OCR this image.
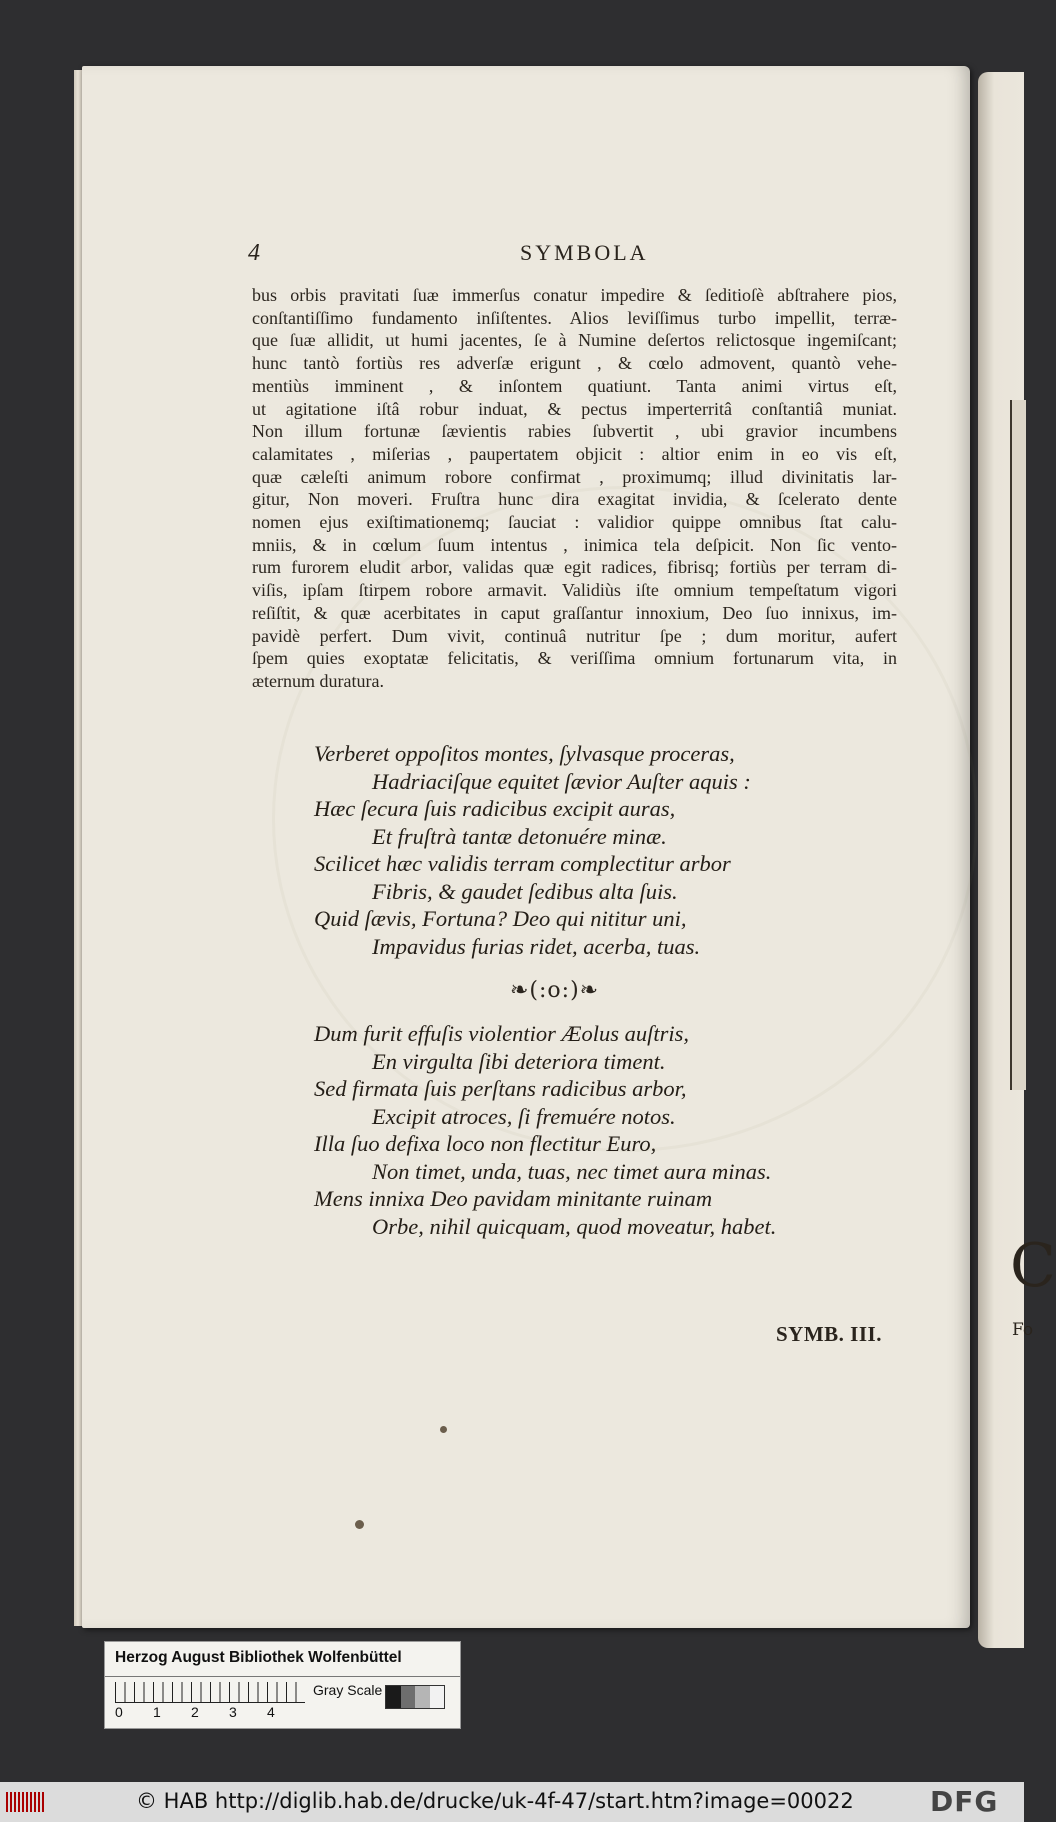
C
Fo
4	SYMBOLA
bus orbis pravitati ſuæ immerſus conatur impedire & ſeditioſè abſtrahere pios,
conſtantiſſimo fundamento inſiſtentes. Alios leviſſimus turbo impellit, terræ-
que ſuæ allidit, ut humi jacentes, ſe à Numine deſertos relictosque ingemiſcant;
hunc tantò fortiùs res adverſæ erigunt , & cœlo admovent, quantò vehe-
mentiùs imminent , & inſontem quatiunt. Tanta animi virtus eſt,
ut agitatione iſtâ robur induat, & pectus imperterritâ conſtantiâ muniat.
Non illum fortunæ ſævientis rabies ſubvertit , ubi gravior incumbens
calamitates , miſerias , paupertatem objicit : altior enim in eo vis eſt,
quæ cæleſti animum robore confirmat , proximumq; illud divinitatis lar-
gitur, Non moveri. Fruſtra hunc dira exagitat invidia, & ſcelerato dente
nomen ejus exiſtimationemq; ſauciat : validior quippe omnibus ſtat calu-
mniis, & in cœlum ſuum intentus , inimica tela deſpicit. Non ſic vento-
rum furorem eludit arbor, validas quæ egit radices, fibrisq; fortiùs per terram di-
viſis, ipſam ſtirpem robore armavit. Validiùs iſte omnium tempeſtatum vigori
reſiſtit, & quæ acerbitates in caput graſſantur innoxium, Deo ſuo innixus, im-
pavidè perfert. Dum vivit, continuâ nutritur ſpe ; dum moritur, aufert
ſpem quies exoptatæ felicitatis, & veriſſima omnium fortunarum vita, in
æternum duratura.
Verberet oppoſitos montes, ſylvasque proceras,
Hadriaciſque equitet ſævior Auſter aquis :
Hæc ſecura ſuis radicibus excipit auras,
Et fruſtrà tantæ detonuére minæ.
Scilicet hæc validis terram complectitur arbor
Fibris, & gaudet ſedibus alta ſuis.
Quid ſævis, Fortuna? Deo qui nititur uni,
Impavidus furias ridet, acerba, tuas.
❧(:o:)❧
Dum furit effuſis violentior Æolus auſtris,
En virgulta ſibi deteriora timent.
Sed firmata ſuis perſtans radicibus arbor,
Excipit atroces, ſi fremuére notos.
Illa ſuo defixa loco non flectitur Euro,
Non timet, unda, tuas, nec timet aura minas.
Mens innixa Deo pavidam minitante ruinam
Orbe, nihil quicquam, quod moveatur, habet.
SYMB. III.
Herzog August Bibliothek Wolfenbüttel
0 1 2 3 4
Gray Scale
© HAB http://diglib.hab.de/drucke/uk-4f-47/start.htm?image=00022	DFG
